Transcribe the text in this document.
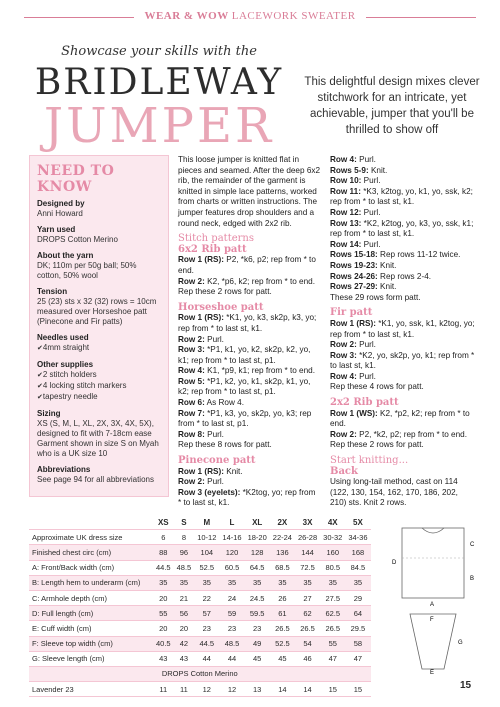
WEAR & WOW LACEWORK SWEATER
Showcase your skills with the
BRIDLEWAY
JUMPER
This delightful design mixes clever stitchwork for an intricate, yet achievable, jumper that you'll be thrilled to show off
NEED TO KNOW
Designed by
Anni Howard
Yarn used
DROPS Cotton Merino
About the yarn
DK; 110m per 50g ball; 50% cotton, 50% wool
Tension
25 (23) sts x 32 (32) rows = 10cm measured over Horseshoe patt (Pinecone and Fir patts)
Needles used
✔ 4mm straight
Other supplies
✔ 2 stitch holders
✔ 4 locking stitch markers
✔ tapestry needle
Sizing
XS (S, M, L, XL, 2X, 3X, 4X, 5X), designed to fit with 7-18cm ease Garment shown in size S on Myah who is a UK size 10
Abbreviations
See page 94 for all abbreviations

This loose jumper is knitted flat in pieces and seamed. After the deep 6x2 rib, the remainder of the garment is knitted in simple lace patterns, worked from charts or written instructions. The jumper features drop shoulders and a round neck, edged with 2x2 rib.

Stitch patterns

6x2 Rib patt

Row 1 (RS): P2, *k6, p2; rep from * to end.

Row 2: K2, *p6, k2; rep from * to end.

Rep these 2 rows for patt.

Horseshoe patt

Row 1 (RS): *K1, yo, k3, sk2p, k3, yo; rep from * to last st, k1.

Row 2: Purl.

Row 3: *P1, k1, yo, k2, sk2p, k2, yo, k1; rep from * to last st, p1.

Row 4: K1, *p9, k1; rep from * to end.

Row 5: *P1, k2, yo, k1, sk2p, k1, yo, k2; rep from * to last st, p1.

Row 6: As Row 4.

Row 7: *P1, k3, yo, sk2p, yo, k3; rep from * to last st, p1.

Row 8: Purl.

Rep these 8 rows for patt.

Pinecone patt

Row 1 (RS): Knit.

Row 2: Purl.

Row 3 (eyelets): *K2tog, yo; rep from * to last st, k1.

Row 4: Purl.

Rows 5-9: Knit.

Row 10: Purl.

Row 11: *K3, k2tog, yo, k1, yo, ssk, k2; rep from * to last st, k1.

Row 12: Purl.

Row 13: *K2, k2tog, yo, k3, yo, ssk, k1; rep from * to last st, k1.

Row 14: Purl.

Rows 15-18: Rep rows 11-12 twice.

Rows 19-23: Knit.

Rows 24-26: Rep rows 2-4.

Rows 27-29: Knit.

These 29 rows form patt.

Fir patt

Row 1 (RS): *K1, yo, ssk, k1, k2tog, yo; rep from * to last st, k1.

Row 2: Purl.

Row 3: *K2, yo, sk2p, yo, k1; rep from * to last st, k1.

Row 4: Purl.

Rep these 4 rows for patt.

2x2 Rib patt

Row 1 (WS): K2, *p2, k2; rep from * to end.

Row 2: P2, *k2, p2; rep from * to end.

Rep these 2 rows for patt.

Start knitting...

Back

Using long-tail method, cast on 114 (122, 130, 154, 162, 170, 186, 202, 210) sts. Knit 2 rows.

	XS	S	M	L	XL	2X	3X	4X	5X
Approximate UK dress size	6	8	10-12	14-16	18-20	22-24	26-28	30-32	34-36
Finished chest circ (cm)	88	96	104	120	128	136	144	160	168
A: Front/Back width (cm)	44.5	48.5	52.5	60.5	64.5	68.5	72.5	80.5	84.5
B: Length hem to underarm (cm)	35	35	35	35	35	35	35	35	35
C: Armhole depth (cm)	20	21	22	24	24.5	26	27	27.5	29
D: Full length (cm)	55	56	57	59	59.5	61	62	62.5	64
E: Cuff width (cm)	20	20	23	23	23	26.5	26.5	26.5	29.5
F: Sleeve top width (cm)	40.5	42	44.5	48.5	49	52.5	54	55	58
G: Sleeve length (cm)	43	43	44	44	45	45	46	47	47
DROPS Cotton Merino									
Lavender 23	11	11	12	12	13	14	14	15	15
C
B
D
A
F
G
E
15
